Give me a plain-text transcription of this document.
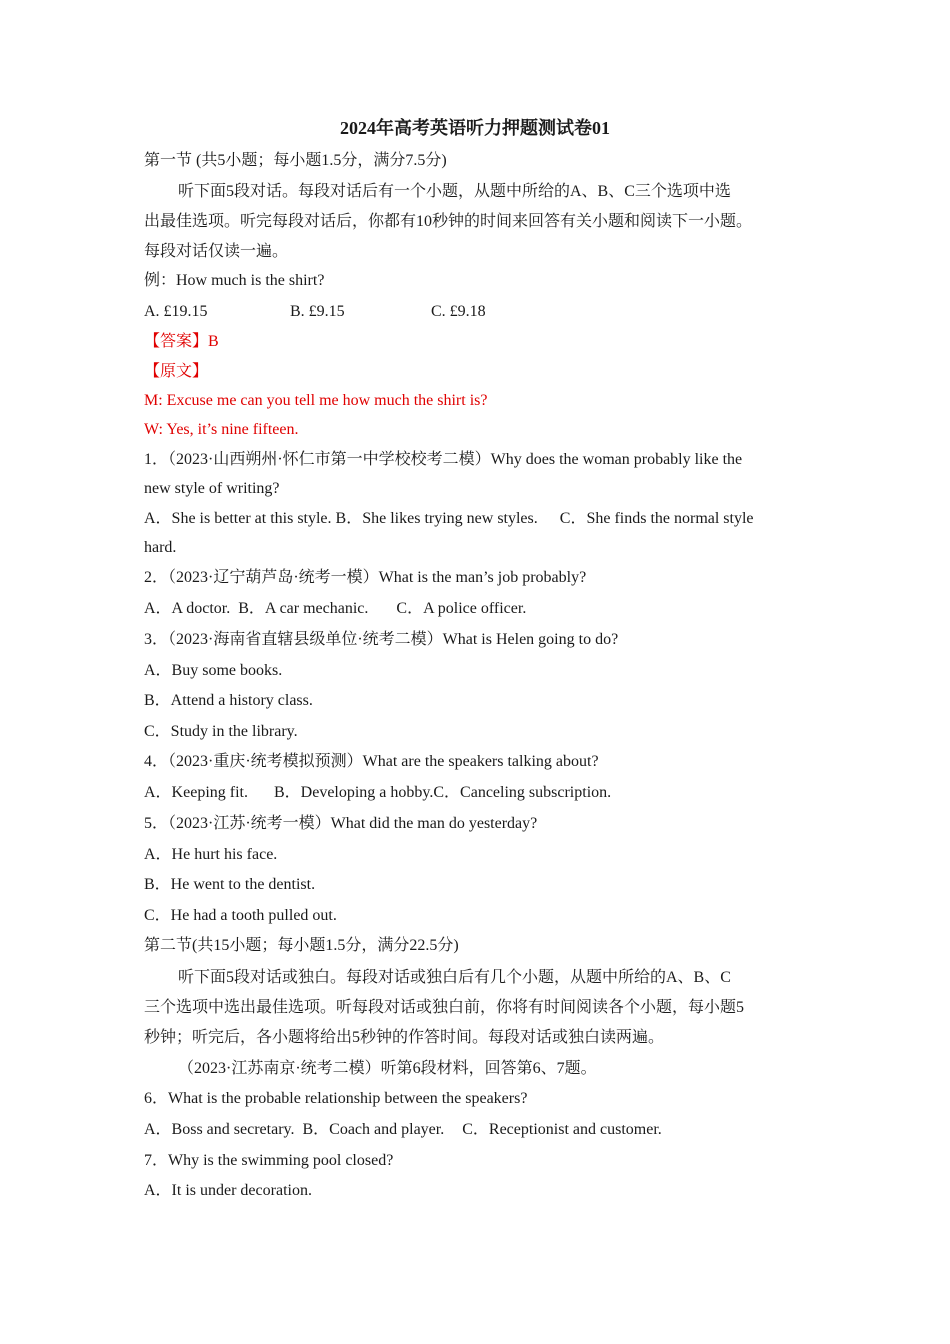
2024年高考英语听力押题测试卷01
第一节 (共5小题；每小题1.5分，满分7.5分)
听下面5段对话。每段对话后有一个小题，从题中所给的A、B、C三个选项中选
出最佳选项。听完每段对话后，你都有10秒钟的时间来回答有关小题和阅读下一小题。
每段对话仅读一遍。
例：How much is the shirt?
A. £19.15	B. £9.15	C. £9.18
【答案】B
【原文】
M: Excuse me can you tell me how much the shirt is?
W: Yes, it’s nine fifteen.
1．（2023·山西朔州·怀仁市第一中学校校考二模）Why does the woman probably like the
new style of writing?
A．She is better at this style. B．She likes trying new styles. C．She finds the normal style
hard.
2．（2023·辽宁葫芦岛·统考一模）What is the man’s job probably?
A．A doctor. B．A car mechanic. C．A police officer.
3．（2023·海南省直辖县级单位·统考二模）What is Helen going to do?
A．Buy some books.
B．Attend a history class.
C．Study in the library.
4．（2023·重庆·统考模拟预测）What are the speakers talking about?
A．Keeping fit. B．Developing a hobby.C．Canceling subscription.
5．（2023·江苏·统考一模）What did the man do yesterday?
A．He hurt his face.
B．He went to the dentist.
C．He had a tooth pulled out.
第二节(共15小题；每小题1.5分，满分22.5分)
听下面5段对话或独白。每段对话或独白后有几个小题，从题中所给的A、B、C
三个选项中选出最佳选项。听每段对话或独白前，你将有时间阅读各个小题，每小题5
秒钟；听完后，各小题将给出5秒钟的作答时间。每段对话或独白读两遍。
（2023·江苏南京·统考二模）听第6段材料，回答第6、7题。
6．What is the probable relationship between the speakers?
A．Boss and secretary. B．Coach and player. C．Receptionist and customer.
7．Why is the swimming pool closed?
A．It is under decoration.
